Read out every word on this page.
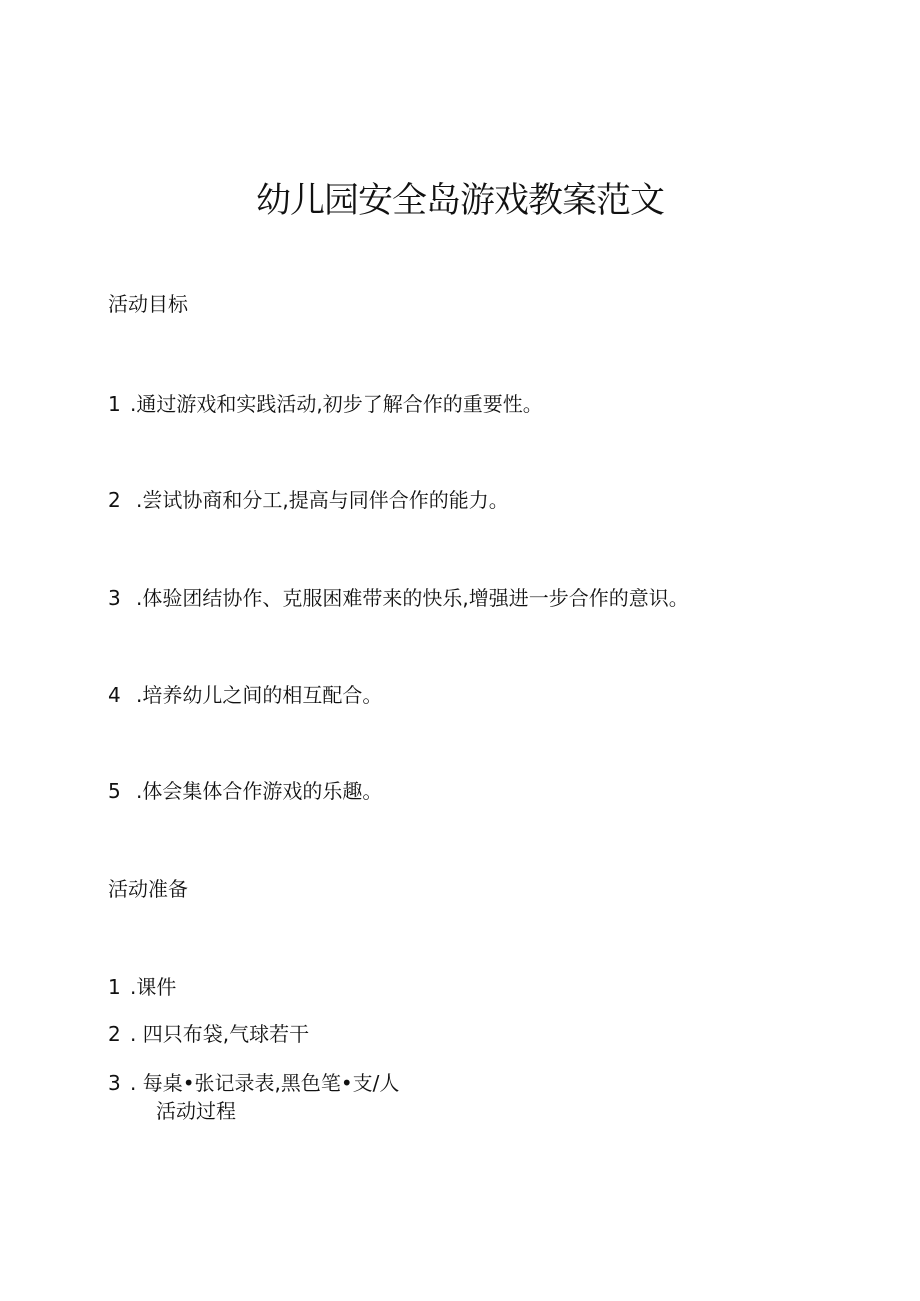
幼儿园安全岛游戏教案范文

活动目标

1 .通过游戏和实践活动,初步了解合作的重要性。

2 .尝试协商和分工,提高与同伴合作的能力。

3 .体验团结协作、克服困难带来的快乐,增强进一步合作的意识。

4 .培养幼儿之间的相互配合。

5 .体会集体合作游戏的乐趣。

活动准备

1 .课件

2 . 四只布袋,气球若干

3 . 每桌•张记录表,黑色笔•支/人

活动过程
